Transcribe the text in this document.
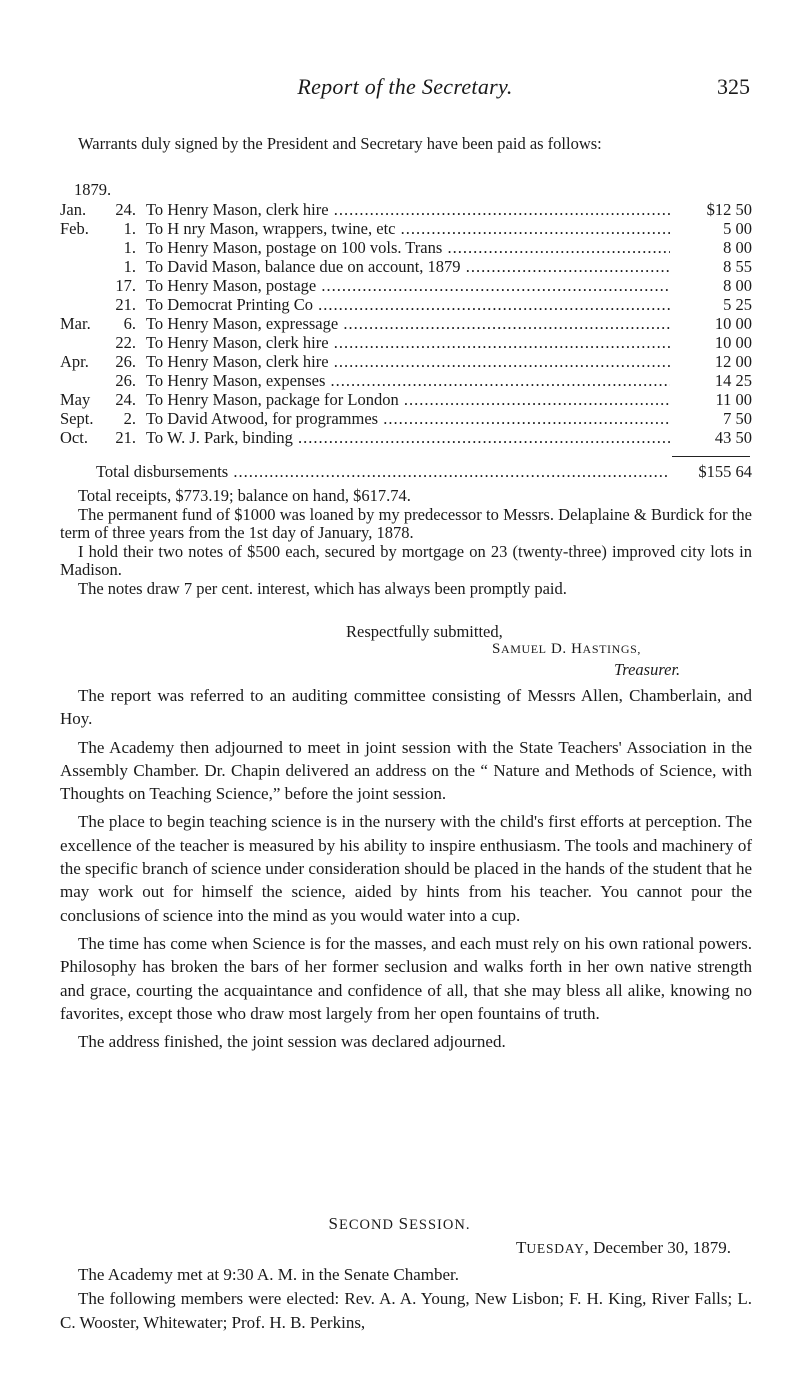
Report of the Secretary.	325
Warrants duly signed by the President and Secretary have been paid as follows:
1879.
Jan.	24. To Henry Mason, clerk hire .....	$12 50
Feb.	1. To H nry Mason, wrappers, twine, etc .....	5 00
1. To Henry Mason, postage on 100 vols. Trans .....	8 00
1. To David Mason, balance due on account, 1879 .....	8 55
17. To Henry Mason, postage .....	8 00
21. To Democrat Printing Co .....	5 25
Mar.	6. To Henry Mason, expressage .....	10 00
22. To Henry Mason, clerk hire .....	10 00
Apr.	26. To Henry Mason, clerk hire .....	12 00
26. To Henry Mason, expenses .....	14 25
May	24. To Henry Mason, package for London .....	11 00
Sept.	2. To David Atwood, for programmes .....	7 50
Oct.	21. To W. J. Park, binding .....	43 50
Total disbursements .....	$155 64

Total receipts, $773.19; balance on hand, $617.74.

The permanent fund of $1000 was loaned by my predecessor to Messrs. Delaplaine & Burdick for the term of three years from the 1st day of January, 1878.

I hold their two notes of $500 each, secured by mortgage on 23 (twenty-three) improved city lots in Madison.

The notes draw 7 per cent. interest, which has always been promptly paid.

Respectfully submitted,
SAMUEL D. HASTINGS,
Treasurer.

The report was referred to an auditing committee consisting of Messrs Allen, Chamberlain, and Hoy.

The Academy then adjourned to meet in joint session with the State Teachers' Association in the Assembly Chamber. Dr. Chapin delivered an address on the “ Nature and Methods of Science, with Thoughts on Teaching Science,” before the joint session.

The place to begin teaching science is in the nursery with the child's first efforts at perception. The excellence of the teacher is measured by his ability to inspire enthusiasm. The tools and machinery of the specific branch of science under consideration should be placed in the hands of the student that he may work out for himself the science, aided by hints from his teacher. You cannot pour the conclusions of science into the mind as you would water into a cup.

The time has come when Science is for the masses, and each must rely on his own rational powers. Philosophy has broken the bars of her former seclusion and walks forth in her own native strength and grace, courting the acquaintance and confidence of all, that she may bless all alike, knowing no favorites, except those who draw most largely from her open fountains of truth.

The address finished, the joint session was declared adjourned.

SECOND SESSION.
TUESDAY, December 30, 1879.

The Academy met at 9:30 A. M. in the Senate Chamber.

The following members were elected: Rev. A. A. Young, New Lisbon; F. H. King, River Falls; L. C. Wooster, Whitewater; Prof. H. B. Perkins,
